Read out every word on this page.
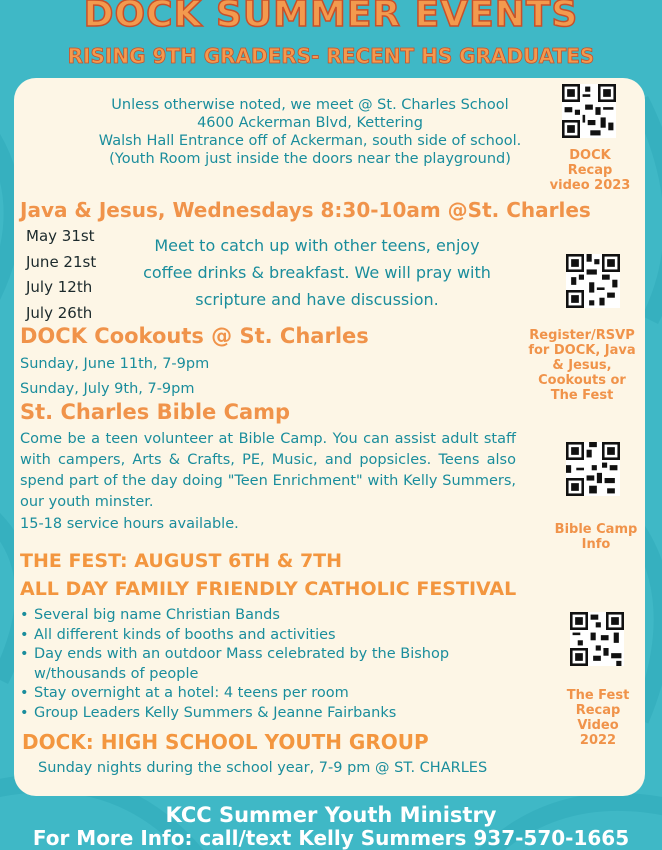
DOCK SUMMER EVENTS
RISING 9TH GRADERS- RECENT HS GRADUATES
Unless otherwise noted, we meet @ St. Charles School
4600 Ackerman Blvd, Kettering
Walsh Hall Entrance off of Ackerman, south side of school.
(Youth Room just inside the doors near the playground)	DOCK
Recap
video 2023
Java & Jesus, Wednesdays 8:30-10am @St. Charles
May 31st
June 21st
July 12th
July 26th
Meet to catch up with other teens, enjoy
coffee drinks & breakfast. We will pray with
scripture and have discussion.
Register/RSVP
for DOCK, Java
& Jesus,
Cookouts or
The Fest
DOCK Cookouts @ St. Charles
Sunday, June 11th, 7-9pm
Sunday, July 9th, 7-9pm
St. Charles Bible Camp
Come be a teen volunteer at Bible Camp. You can assist adult staff with campers, Arts & Crafts, PE, Music, and popsicles. Teens also spend part of the day doing "Teen Enrichment" with Kelly Summers, our youth minster.
15-18 service hours available.	Bible Camp
Info
THE FEST: AUGUST 6TH & 7TH
ALL DAY FAMILY FRIENDLY CATHOLIC FESTIVAL
• Several big name Christian Bands
• All different kinds of booths and activities
• Day ends with an outdoor Mass celebrated by the Bishop w/thousands of people
• Stay overnight at a hotel: 4 teens per room
• Group Leaders Kelly Summers & Jeanne Fairbanks
The Fest
Recap
Video
2022
DOCK: HIGH SCHOOL YOUTH GROUP
Sunday nights during the school year, 7-9 pm @ ST. CHARLES
KCC Summer Youth Ministry
For More Info: call/text Kelly Summers 937-570-1665
